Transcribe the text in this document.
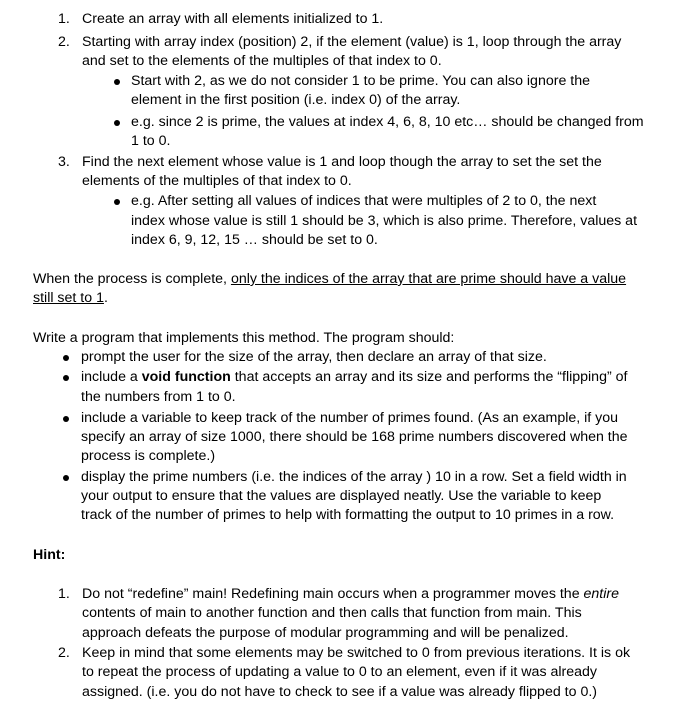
1. Create an array with all elements initialized to 1.
2. Starting with array index (position) 2, if the element (value) is 1, loop through the array
and set to the elements of the multiples of that index to 0.
Start with 2, as we do not consider 1 to be prime. You can also ignore the
element in the first position (i.e. index 0) of the array.
e.g. since 2 is prime, the values at index 4, 6, 8, 10 etc… should be changed from
1 to 0.
3. Find the next element whose value is 1 and loop though the array to set the set the
elements of the multiples of that index to 0.
e.g. After setting all values of indices that were multiples of 2 to 0, the next
index whose value is still 1 should be 3, which is also prime. Therefore, values at
index 6, 9, 12, 15 … should be set to 0.
When the process is complete, only the indices of the array that are prime should have a value
still set to 1.
Write a program that implements this method. The program should:
prompt the user for the size of the array, then declare an array of that size.
include a void function that accepts an array and its size and performs the “flipping” of
the numbers from 1 to 0.
include a variable to keep track of the number of primes found. (As an example, if you
specify an array of size 1000, there should be 168 prime numbers discovered when the
process is complete.)
display the prime numbers (i.e. the indices of the array ) 10 in a row. Set a field width in
your output to ensure that the values are displayed neatly. Use the variable to keep
track of the number of primes to help with formatting the output to 10 primes in a row.
Hint:
1. Do not “redefine” main! Redefining main occurs when a programmer moves the entire
contents of main to another function and then calls that function from main. This
approach defeats the purpose of modular programming and will be penalized.
2. Keep in mind that some elements may be switched to 0 from previous iterations. It is ok
to repeat the process of updating a value to 0 to an element, even if it was already
assigned. (i.e. you do not have to check to see if a value was already flipped to 0.)
